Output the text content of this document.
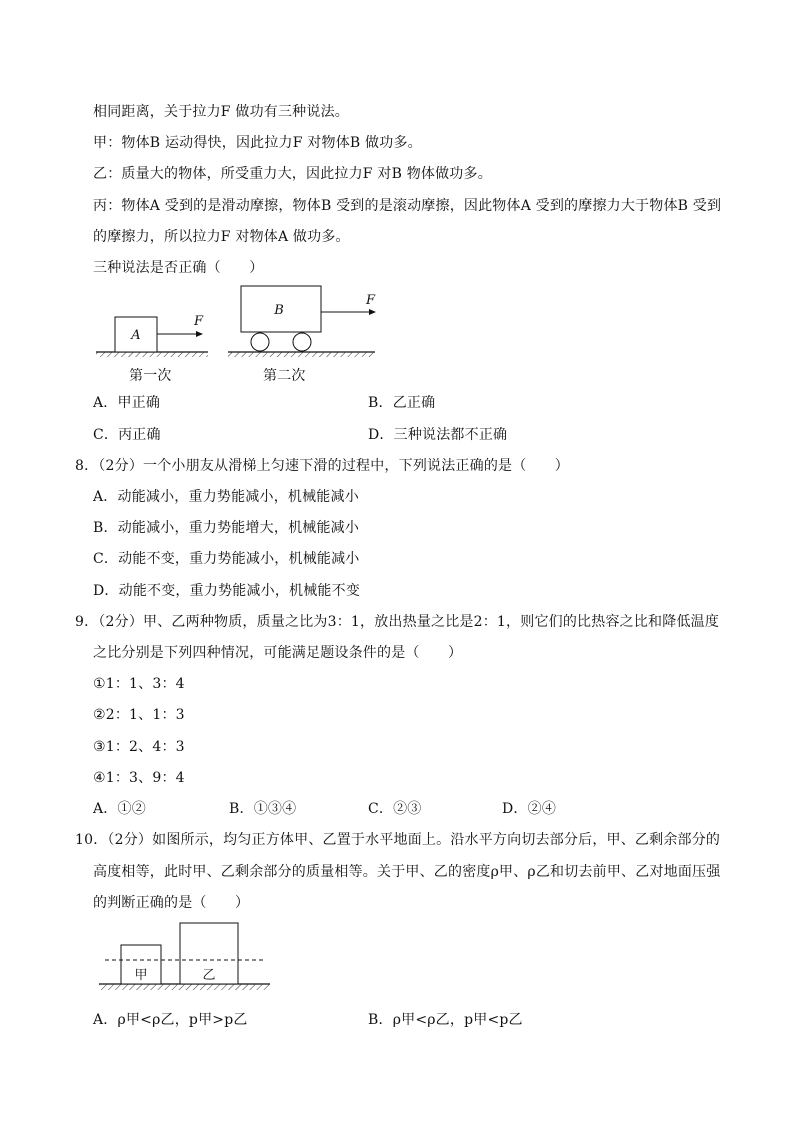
相同距离，关于拉力F 做功有三种说法。
甲：物体B 运动得快，因此拉力F 对物体B 做功多。
乙：质量大的物体，所受重力大，因此拉力F 对B 物体做功多。
丙：物体A 受到的是滑动摩擦，物体B 受到的是滚动摩擦，因此物体A 受到的摩擦力大于物体B 受到
的摩擦力，所以拉力F 对物体A 做功多。
三种说法是否正确（　　）
A
F
B
F
第一次	第二次
A．甲正确	B．乙正确
C．丙正确	D．三种说法都不正确
8．（2分）一个小朋友从滑梯上匀速下滑的过程中，下列说法正确的是（　　）
A．动能减小，重力势能减小，机械能减小
B．动能减小，重力势能增大，机械能减小
C．动能不变，重力势能减小，机械能减小
D．动能不变，重力势能减小，机械能不变
9．（2分）甲、乙两种物质，质量之比为3：1，放出热量之比是2：1，则它们的比热容之比和降低温度
之比分别是下列四种情况，可能满足题设条件的是（　　）
①1：1、3：4
②2：1、1：3
③1：2、4：3
④1：3、9：4
A．①②	B．①③④	C．②③	D．②④
10．（2分）如图所示，均匀正方体甲、乙置于水平地面上。沿水平方向切去部分后，甲、乙剩余部分的
高度相等，此时甲、乙剩余部分的质量相等。关于甲、乙的密度ρ甲、ρ乙和切去前甲、乙对地面压强
的判断正确的是（　　）
甲	乙
A．ρ甲<ρ乙，p甲>p乙	B．ρ甲<ρ乙，p甲<p乙
